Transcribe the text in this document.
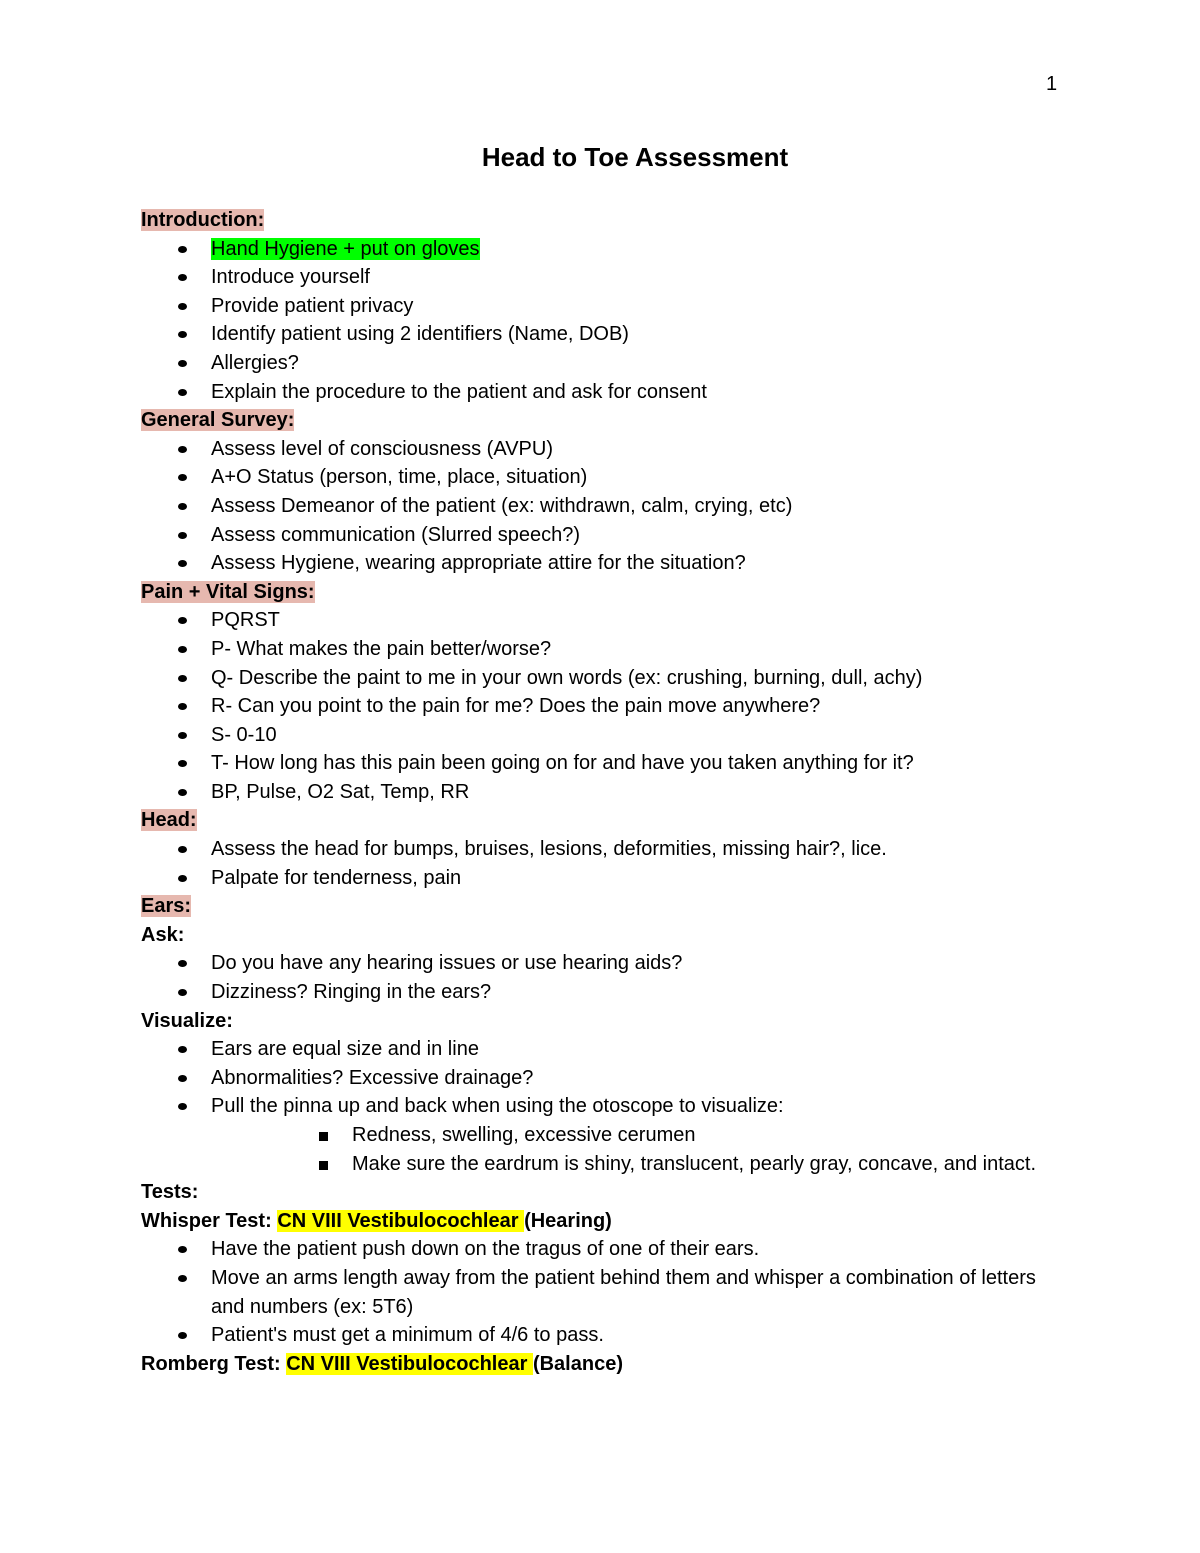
1
Head to Toe Assessment

Introduction:

Hand Hygiene + put on gloves
Introduce yourself
Provide patient privacy
Identify patient using 2 identifiers (Name, DOB)
Allergies?
Explain the procedure to the patient and ask for consent

General Survey:

Assess level of consciousness (AVPU)
A+O Status (person, time, place, situation)
Assess Demeanor of the patient (ex: withdrawn, calm, crying, etc)
Assess communication (Slurred speech?)
Assess Hygiene, wearing appropriate attire for the situation?

Pain + Vital Signs:

PQRST
P- What makes the pain better/worse?
Q- Describe the paint to me in your own words (ex: crushing, burning, dull, achy)
R- Can you point to the pain for me? Does the pain move anywhere?
S- 0-10
T- How long has this pain been going on for and have you taken anything for it?
BP, Pulse, O2 Sat, Temp, RR

Head:

Assess the head for bumps, bruises, lesions, deformities, missing hair?, lice.
Palpate for tenderness, pain

Ears:

Ask:

Do you have any hearing issues or use hearing aids?
Dizziness? Ringing in the ears?

Visualize:

Ears are equal size and in line
Abnormalities? Excessive drainage?
Pull the pinna up and back when using the otoscope to visualize:
Redness, swelling, excessive cerumen
Make sure the eardrum is shiny, translucent, pearly gray, concave, and intact.

Tests:

Whisper Test: CN VIII Vestibulocochlear (Hearing)

Have the patient push down on the tragus of one of their ears.
Move an arms length away from the patient behind them and whisper a combination of letters and numbers (ex: 5T6)
Patient's must get a minimum of 4/6 to pass.

Romberg Test: CN VIII Vestibulocochlear (Balance)
